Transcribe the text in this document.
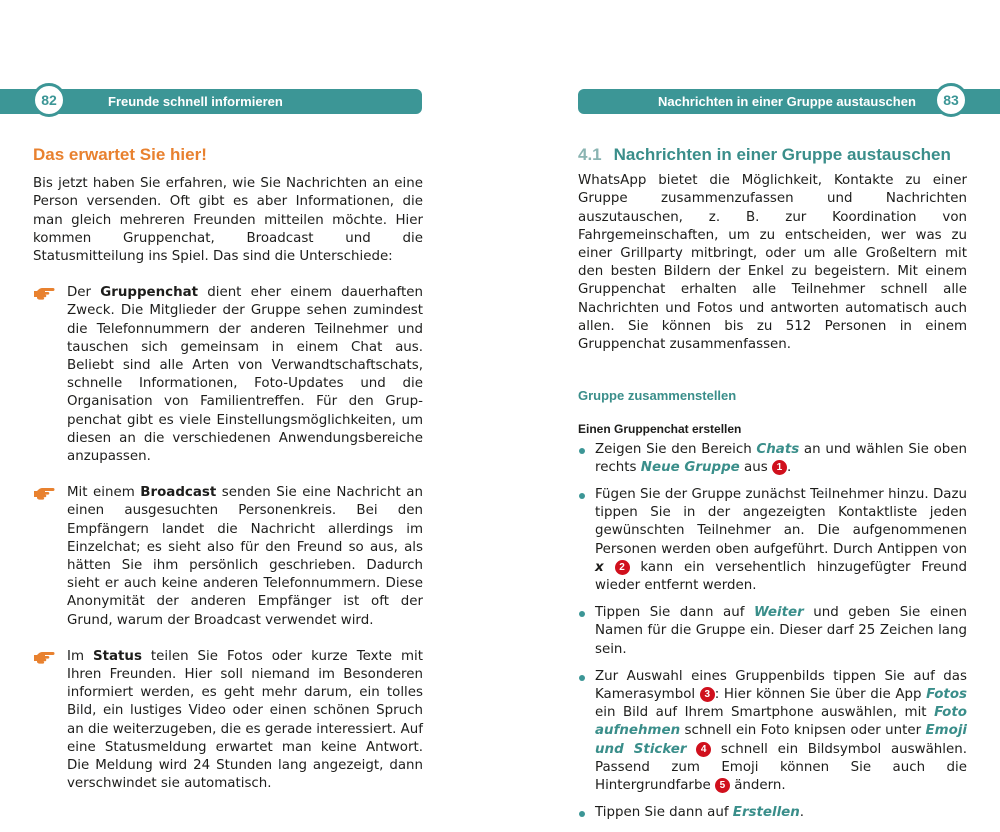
Freunde schnell informieren
82	Nachrichten in einer Gruppe austauschen	83
Das erwartet Sie hier!

Bis jetzt haben Sie erfahren, wie Sie Nachrichten an eine Person versenden. Oft gibt es aber Informationen, die man gleich mehreren Freunden mitteilen möchte. Hier kommen Gruppenchat, Broadcast und die Statusmitteilung ins Spiel. Das sind die Unterschiede:

Der Gruppenchat dient eher einem dauerhaften Zweck. Die Mitglieder der Gruppe sehen zumindest die Telefonnummern der anderen Teilnehmer und tauschen sich gemeinsam in einem Chat aus. Beliebt sind alle Arten von Verwandtschaftschats, schnelle Informationen, Foto-Updates und die Organisation von Familientreffen. Für den Gruppenchat gibt es viele Einstellungsmöglichkeiten, um diesen an die verschiedenen Anwendungsbereiche anzupassen.
Mit einem Broadcast senden Sie eine Nachricht an einen ausgesuchten Personenkreis. Bei den Empfängern landet die Nachricht allerdings im Einzelchat; es sieht also für den Freund so aus, als hätten Sie ihm persönlich geschrieben. Dadurch sieht er auch keine anderen Telefonnummern. Diese Anonymität der anderen Empfänger ist oft der Grund, warum der Broadcast verwendet wird.
Im Status teilen Sie Fotos oder kurze Texte mit Ihren Freunden. Hier soll niemand im Besonderen informiert werden, es geht mehr darum, ein tolles Bild, ein lustiges Video oder einen schönen Spruch an die weiterzugeben, die es gerade interessiert. Auf eine Statusmeldung erwartet man keine Antwort. Die Meldung wird 24 Stunden lang angezeigt, dann verschwindet sie automatisch.
4.1 Nachrichten in einer Gruppe austauschen

WhatsApp bietet die Möglichkeit, Kontakte zu einer Gruppe zusammenzufassen und Nachrichten auszutauschen, z. B. zur Koordination von Fahrgemeinschaften, um zu entscheiden, wer was zu einer Grillparty mitbringt, oder um alle Großeltern mit den besten Bildern der Enkel zu begeistern. Mit einem Gruppenchat erhalten alle Teilnehmer schnell alle Nachrichten und Fotos und antworten automatisch auch allen. Sie können bis zu 512 Personen in einem Gruppenchat zusammenfassen.

Gruppe zusammenstellen
Einen Gruppenchat erstellen
Zeigen Sie den Bereich Chats an und wählen Sie oben rechts Neue Gruppe aus 1 .
Fügen Sie der Gruppe zunächst Teilnehmer hinzu. Dazu tippen Sie in der angezeigten Kontaktliste jeden gewünschten Teilnehmer an. Die aufgenommenen Personen werden oben aufgeführt. Durch Antippen von x 2 kann ein versehentlich hinzugefügter Freund wieder entfernt werden.
Tippen Sie dann auf Weiter und geben Sie einen Namen für die Gruppe ein. Dieser darf 25 Zeichen lang sein.
Zur Auswahl eines Gruppenbilds tippen Sie auf das Kamerasymbol 3 : Hier können Sie über die App Fotos ein Bild auf Ihrem Smartphone auswählen, mit Foto aufnehmen schnell ein Foto knipsen oder unter Emoji und Sticker 4 schnell ein Bildsymbol auswählen. Passend zum Emoji können Sie auch die Hintergrundfarbe 5 ändern.
Tippen Sie dann auf Erstellen.
